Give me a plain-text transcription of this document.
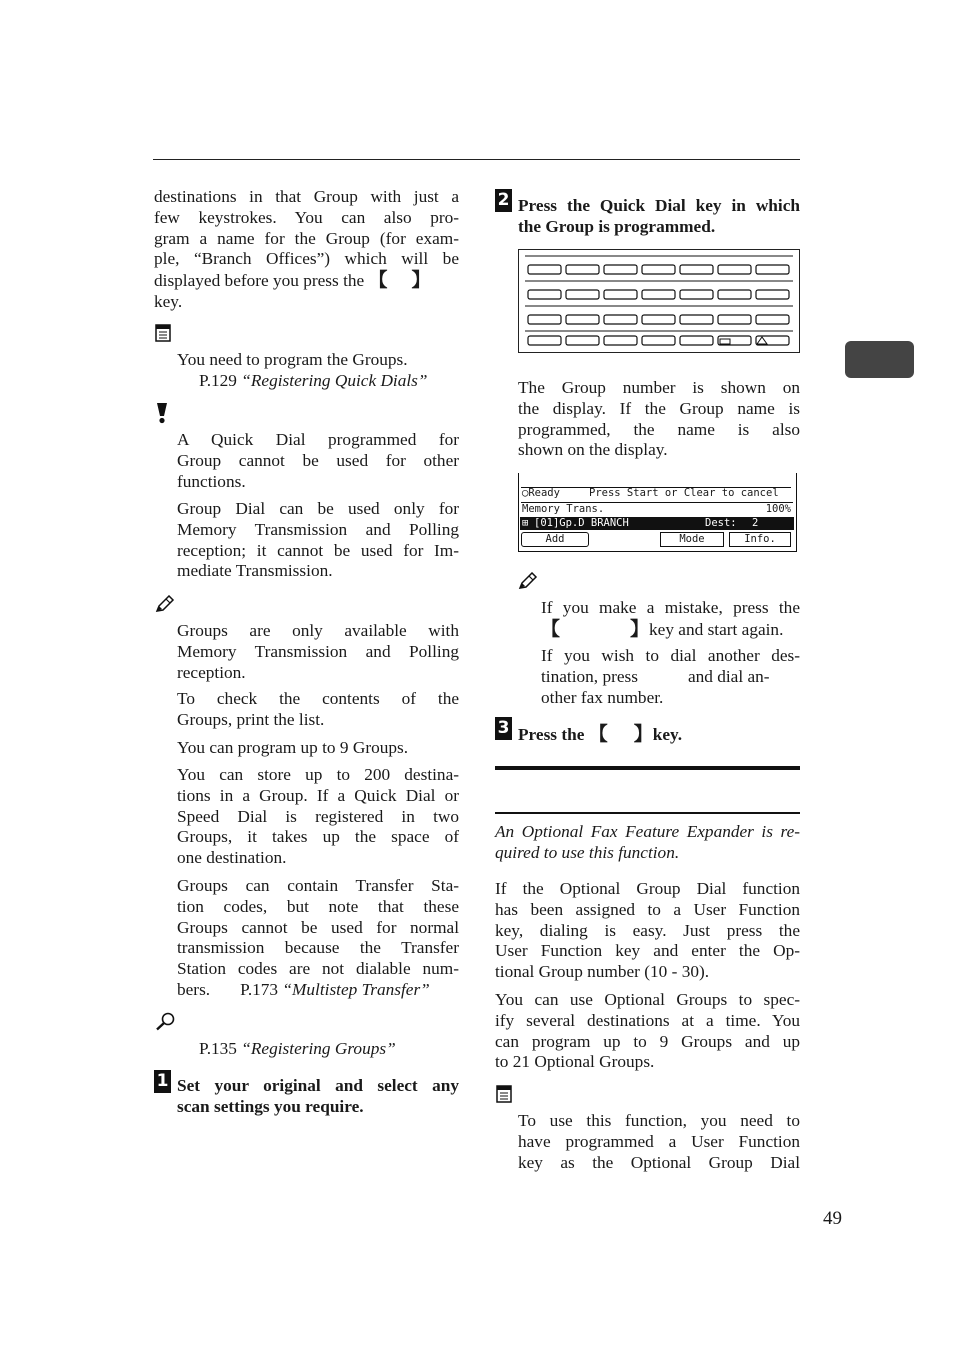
destinations in that Group with just a
few keystrokes. You can also pro-
gram a name for the Group (for exam-
ple, “Branch Offices”) which will be
displayed before you press the 【 】
key.
You need to program the Groups.
P.129 “Registering Quick Dials”
A Quick Dial programmed for
Group cannot be used for other
functions.
Group Dial can be used only for
Memory Transmission and Polling
reception; it cannot be used for Im-
mediate Transmission.
Groups are only available with
Memory Transmission and Polling
reception.
To check the contents of the
Groups, print the list.
You can program up to 9 Groups.
You can store up to 200 destina-
tions in a Group. If a Quick Dial or
Speed Dial is registered in two
Groups, it takes up the space of
one destination.
Groups can contain Transfer Sta-
tion codes, but note that these
Groups cannot be used for normal
transmission because the Transfer
Station codes are not dialable num-
bers. P.173 “Multistep Transfer”
P.135 “Registering Groups”
1 Set your original and select any
scan settings you require.
2 Press the Quick Dial key in which
the Group is programmed.
The Group number is shown on
the display. If the Group name is
programmed, the name is also
shown on the display.
◯Ready	Press Start or Clear to cancel
Memory Trans.	100%
⊞ [01]Gp.D BRANCH	Dest: 2
Add	Mode	Info.
If you make a mistake, press the
【	】key and start again.
If you wish to dial another des-
tination, press	and dial an-
other fax number.
3 Press the 【 】key.
An Optional Fax Feature Expander is re-
quired to use this function.
If the Optional Group Dial function
has been assigned to a User Function
key, dialing is easy. Just press the
User Function key and enter the Op-
tional Group number (10 - 30).
You can use Optional Groups to spec-
ify several destinations at a time. You
can program up to 9 Groups and up
to 21 Optional Groups.
To use this function, you need to
have programmed a User Function
key as the Optional Group Dial
49
